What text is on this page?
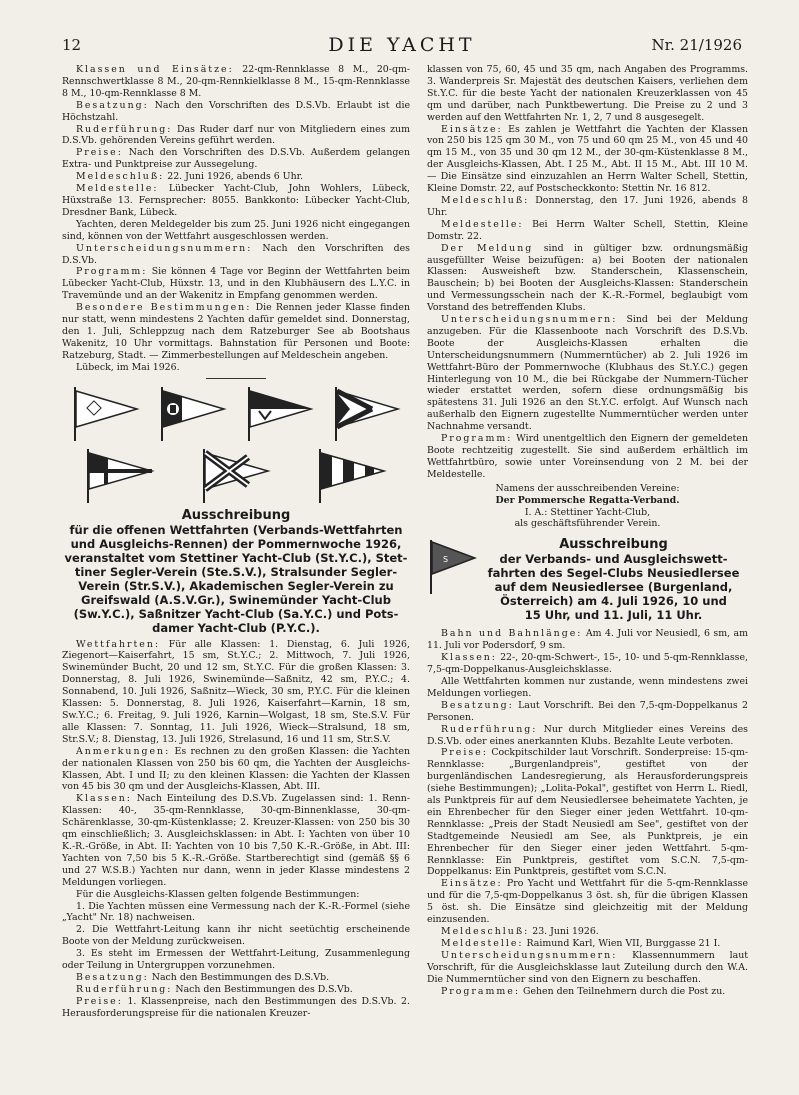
12	DIE YACHT	Nr. 21/1926

Klassen und Einsätze: 22-qm-Rennklasse 8 M., 20-qm-Rennschwertklasse 8 M., 20-qm-Rennkielklasse 8 M., 15-qm-Rennklasse 8 M., 10-qm-Rennklasse 8 M.

Besatzung: Nach den Vorschriften des D.S.Vb. Erlaubt ist die Höchstzahl.

Ruderführung: Das Ruder darf nur von Mitgliedern eines zum D.S.Vb. gehörenden Vereins geführt werden.

Preise: Nach den Vorschriften des D.S.Vb. Außerdem gelangen Extra- und Punktpreise zur Aussegelung.

Meldeschluß: 22. Juni 1926, abends 6 Uhr.

Meldestelle: Lübecker Yacht-Club, John Wohlers, Lübeck, Hüxstraße 13. Fernsprecher: 8055. Bankkonto: Lübecker Yacht-Club, Dresdner Bank, Lübeck.

Yachten, deren Meldegelder bis zum 25. Juni 1926 nicht eingegangen sind, können von der Wettfahrt ausgeschlossen werden.

Unterscheidungsnummern: Nach den Vorschriften des D.S.Vb.

Programm: Sie können 4 Tage vor Beginn der Wettfahrten beim Lübecker Yacht-Club, Hüxstr. 13, und in den Klubhäusern des L.Y.C. in Travemünde und an der Wakenitz in Empfang genommen werden.

Besondere Bestimmungen: Die Rennen jeder Klasse finden nur statt, wenn mindestens 2 Yachten dafür gemeldet sind. Donnerstag, den 1. Juli, Schleppzug nach dem Ratzeburger See ab Bootshaus Wakenitz, 10 Uhr vormittags. Bahnstation für Personen und Boote: Ratzeburg, Stadt. — Zimmerbestellungen auf Meldeschein angeben.

Lübeck, im Mai 1926.

Ausschreibung
für die offenen Wettfahrten (Verbands-Wettfahrten
und Ausgleichs-Rennen) der Pommernwoche 1926,
veranstaltet vom Stettiner Yacht-Club (St.Y.C.), Stet-
tiner Segler-Verein (Ste.S.V.), Stralsunder Segler-
Verein (Str.S.V.), Akademischen Segler-Verein zu
Greifswald (A.S.V.Gr.), Swinemünder Yacht-Club
(Sw.Y.C.), Saßnitzer Yacht-Club (Sa.Y.C.) und Pots-
damer Yacht-Club (P.Y.C.).

Wettfahrten: Für alle Klassen: 1. Dienstag, 6. Juli 1926, Ziegenort—Kaiserfahrt, 15 sm, St.Y.C.; 2. Mittwoch, 7. Juli 1926, Swinemünder Bucht, 20 und 12 sm, St.Y.C. Für die großen Klassen: 3. Donnerstag, 8. Juli 1926, Swinemünde—Saßnitz, 42 sm, P.Y.C.; 4. Sonnabend, 10. Juli 1926, Saßnitz—Wieck, 30 sm, P.Y.C. Für die kleinen Klassen: 5. Donnerstag, 8. Juli 1926, Kaiserfahrt—Karnin, 18 sm, Sw.Y.C.; 6. Freitag, 9. Juli 1926, Karnin—Wolgast, 18 sm, Ste.S.V. Für alle Klassen: 7. Sonntag, 11. Juli 1926, Wieck—Stralsund, 18 sm, Str.S.V.; 8. Dienstag, 13. Juli 1926, Strelasund, 16 und 11 sm, Str.S.V.

Anmerkungen: Es rechnen zu den großen Klassen: die Yachten der nationalen Klassen von 250 bis 60 qm, die Yachten der Ausgleichs-Klassen, Abt. I und II; zu den kleinen Klassen: die Yachten der Klassen von 45 bis 30 qm und der Ausgleichs-Klassen, Abt. III.

Klassen: Nach Einteilung des D.S.Vb. Zugelassen sind: 1. Renn-Klassen: 40-, 35-qm-Rennklasse, 30-qm-Binnenklasse, 30-qm-Schärenklasse, 30-qm-Küstenklasse; 2. Kreuzer-Klassen: von 250 bis 30 qm einschließlich; 3. Ausgleichsklassen: in Abt. I: Yachten von über 10 K.-R.-Größe, in Abt. II: Yachten von 10 bis 7,50 K.-R.-Größe, in Abt. III: Yachten von 7,50 bis 5 K.-R.-Größe. Startberechtigt sind (gemäß §§ 6 und 27 W.S.B.) Yachten nur dann, wenn in jeder Klasse mindestens 2 Meldungen vorliegen.

Für die Ausgleichs-Klassen gelten folgende Bestimmungen:

1. Die Yachten müssen eine Vermessung nach der K.-R.-Formel (siehe „Yacht" Nr. 18) nachweisen.

2. Die Wettfahrt-Leitung kann ihr nicht seetüchtig erscheinende Boote von der Meldung zurückweisen.

3. Es steht im Ermessen der Wettfahrt-Leitung, Zusammenlegung oder Teilung in Untergruppen vorzunehmen.

Besatzung: Nach den Bestimmungen des D.S.Vb.

Ruderführung: Nach den Bestimmungen des D.S.Vb.

Preise: 1. Klassenpreise, nach den Bestimmungen des D.S.Vb. 2. Herausforderungspreise für die nationalen Kreuzer-

klassen von 75, 60, 45 und 35 qm, nach Angaben des Programms. 3. Wanderpreis Sr. Majestät des deutschen Kaisers, verliehen dem St.Y.C. für die beste Yacht der nationalen Kreuzerklassen von 45 qm und darüber, nach Punktbewertung. Die Preise zu 2 und 3 werden auf den Wettfahrten Nr. 1, 2, 7 und 8 ausgesegelt.

Einsätze: Es zahlen je Wettfahrt die Yachten der Klassen von 250 bis 125 qm 30 M., von 75 und 60 qm 25 M., von 45 und 40 qm 15 M., von 35 und 30 qm 12 M., der 30-qm-Küstenklasse 8 M., der Ausgleichs-Klassen, Abt. I 25 M., Abt. II 15 M., Abt. III 10 M. — Die Einsätze sind einzuzahlen an Herrn Walter Schell, Stettin, Kleine Domstr. 22, auf Postscheckkonto: Stettin Nr. 16 812.

Meldeschluß: Donnerstag, den 17. Juni 1926, abends 8 Uhr.

Meldestelle: Bei Herrn Walter Schell, Stettin, Kleine Domstr. 22.

Der Meldung sind in gültiger bzw. ordnungsmäßig ausgefüllter Weise beizufügen: a) bei Booten der nationalen Klassen: Ausweisheft bzw. Standerschein, Klassenschein, Bauschein; b) bei Booten der Ausgleichs-Klassen: Standerschein und Vermessungsschein nach der K.-R.-Formel, beglaubigt vom Vorstand des betreffenden Klubs.

Unterscheidungsnummern: Sind bei der Meldung anzugeben. Für die Klassenboote nach Vorschrift des D.S.Vb. Boote der Ausgleichs-Klassen erhalten die Unterscheidungsnummern (Nummerntücher) ab 2. Juli 1926 im Wettfahrt-Büro der Pommernwoche (Klubhaus des St.Y.C.) gegen Hinterlegung von 10 M., die bei Rückgabe der Nummern-Tücher wieder erstattet werden, sofern diese ordnungsmäßig bis spätestens 31. Juli 1926 an den St.Y.C. erfolgt. Auf Wunsch nach außerhalb den Eignern zugestellte Nummerntücher werden unter Nachnahme versandt.

Programm: Wird unentgeltlich den Eignern der gemeldeten Boote rechtzeitig zugestellt. Sie sind außerdem erhältlich im Wettfahrtbüro, sowie unter Voreinsendung von 2 M. bei der Meldestelle.

Namens der ausschreibenden Vereine:
Der Pommersche Regatta-Verband.
I. A.: Stettiner Yacht-Club,
als geschäftsführender Verein.
S
Ausschreibung
der Verbands- und Ausgleichswett-
fahrten des Segel-Clubs Neusiedlersee
auf dem Neusiedlersee (Burgenland,
Österreich) am 4. Juli 1926, 10 und
15 Uhr, und 11. Juli, 11 Uhr.

Bahn und Bahnlänge: Am 4. Juli vor Neusiedl, 6 sm, am 11. Juli vor Podersdorf, 9 sm.

Klassen: 22-, 20-qm-Schwert-, 15-, 10- und 5-qm-Rennklasse, 7,5-qm-Doppelkanus-Ausgleichsklasse.

Alle Wettfahrten kommen nur zustande, wenn mindestens zwei Meldungen vorliegen.

Besatzung: Laut Vorschrift. Bei den 7,5-qm-Doppelkanus 2 Personen.

Ruderführung: Nur durch Mitglieder eines Vereins des D.S.Vb. oder eines anerkannten Klubs. Bezahlte Leute verboten.

Preise: Cockpitschilder laut Vorschrift. Sonderpreise: 15-qm-Rennklasse: „Burgenlandpreis", gestiftet von der burgenländischen Landesregierung, als Herausforderungspreis (siehe Bestimmungen); „Lolita-Pokal", gestiftet von Herrn L. Riedl, als Punktpreis für auf dem Neusiedlersee beheimatete Yachten, je ein Ehrenbecher für den Sieger einer jeden Wettfahrt. 10-qm-Rennklasse: „Preis der Stadt Neusiedl am See", gestiftet von der Stadtgemeinde Neusiedl am See, als Punktpreis, je ein Ehrenbecher für den Sieger einer jeden Wettfahrt. 5-qm-Rennklasse: Ein Punktpreis, gestiftet vom S.C.N. 7,5-qm-Doppelkanus: Ein Punktpreis, gestiftet vom S.C.N.

Einsätze: Pro Yacht und Wettfahrt für die 5-qm-Rennklasse und für die 7,5-qm-Doppelkanus 3 öst. sh, für die übrigen Klassen 5 öst. sh. Die Einsätze sind gleichzeitig mit der Meldung einzusenden.

Meldeschluß: 23. Juni 1926.

Meldestelle: Raimund Karl, Wien VII, Burggasse 21 I.

Unterscheidungsnummern: Klassennummern laut Vorschrift, für die Ausgleichsklasse laut Zuteilung durch den W.A. Die Nummerntücher sind von den Eignern zu beschaffen.

Programme: Gehen den Teilnehmern durch die Post zu.
